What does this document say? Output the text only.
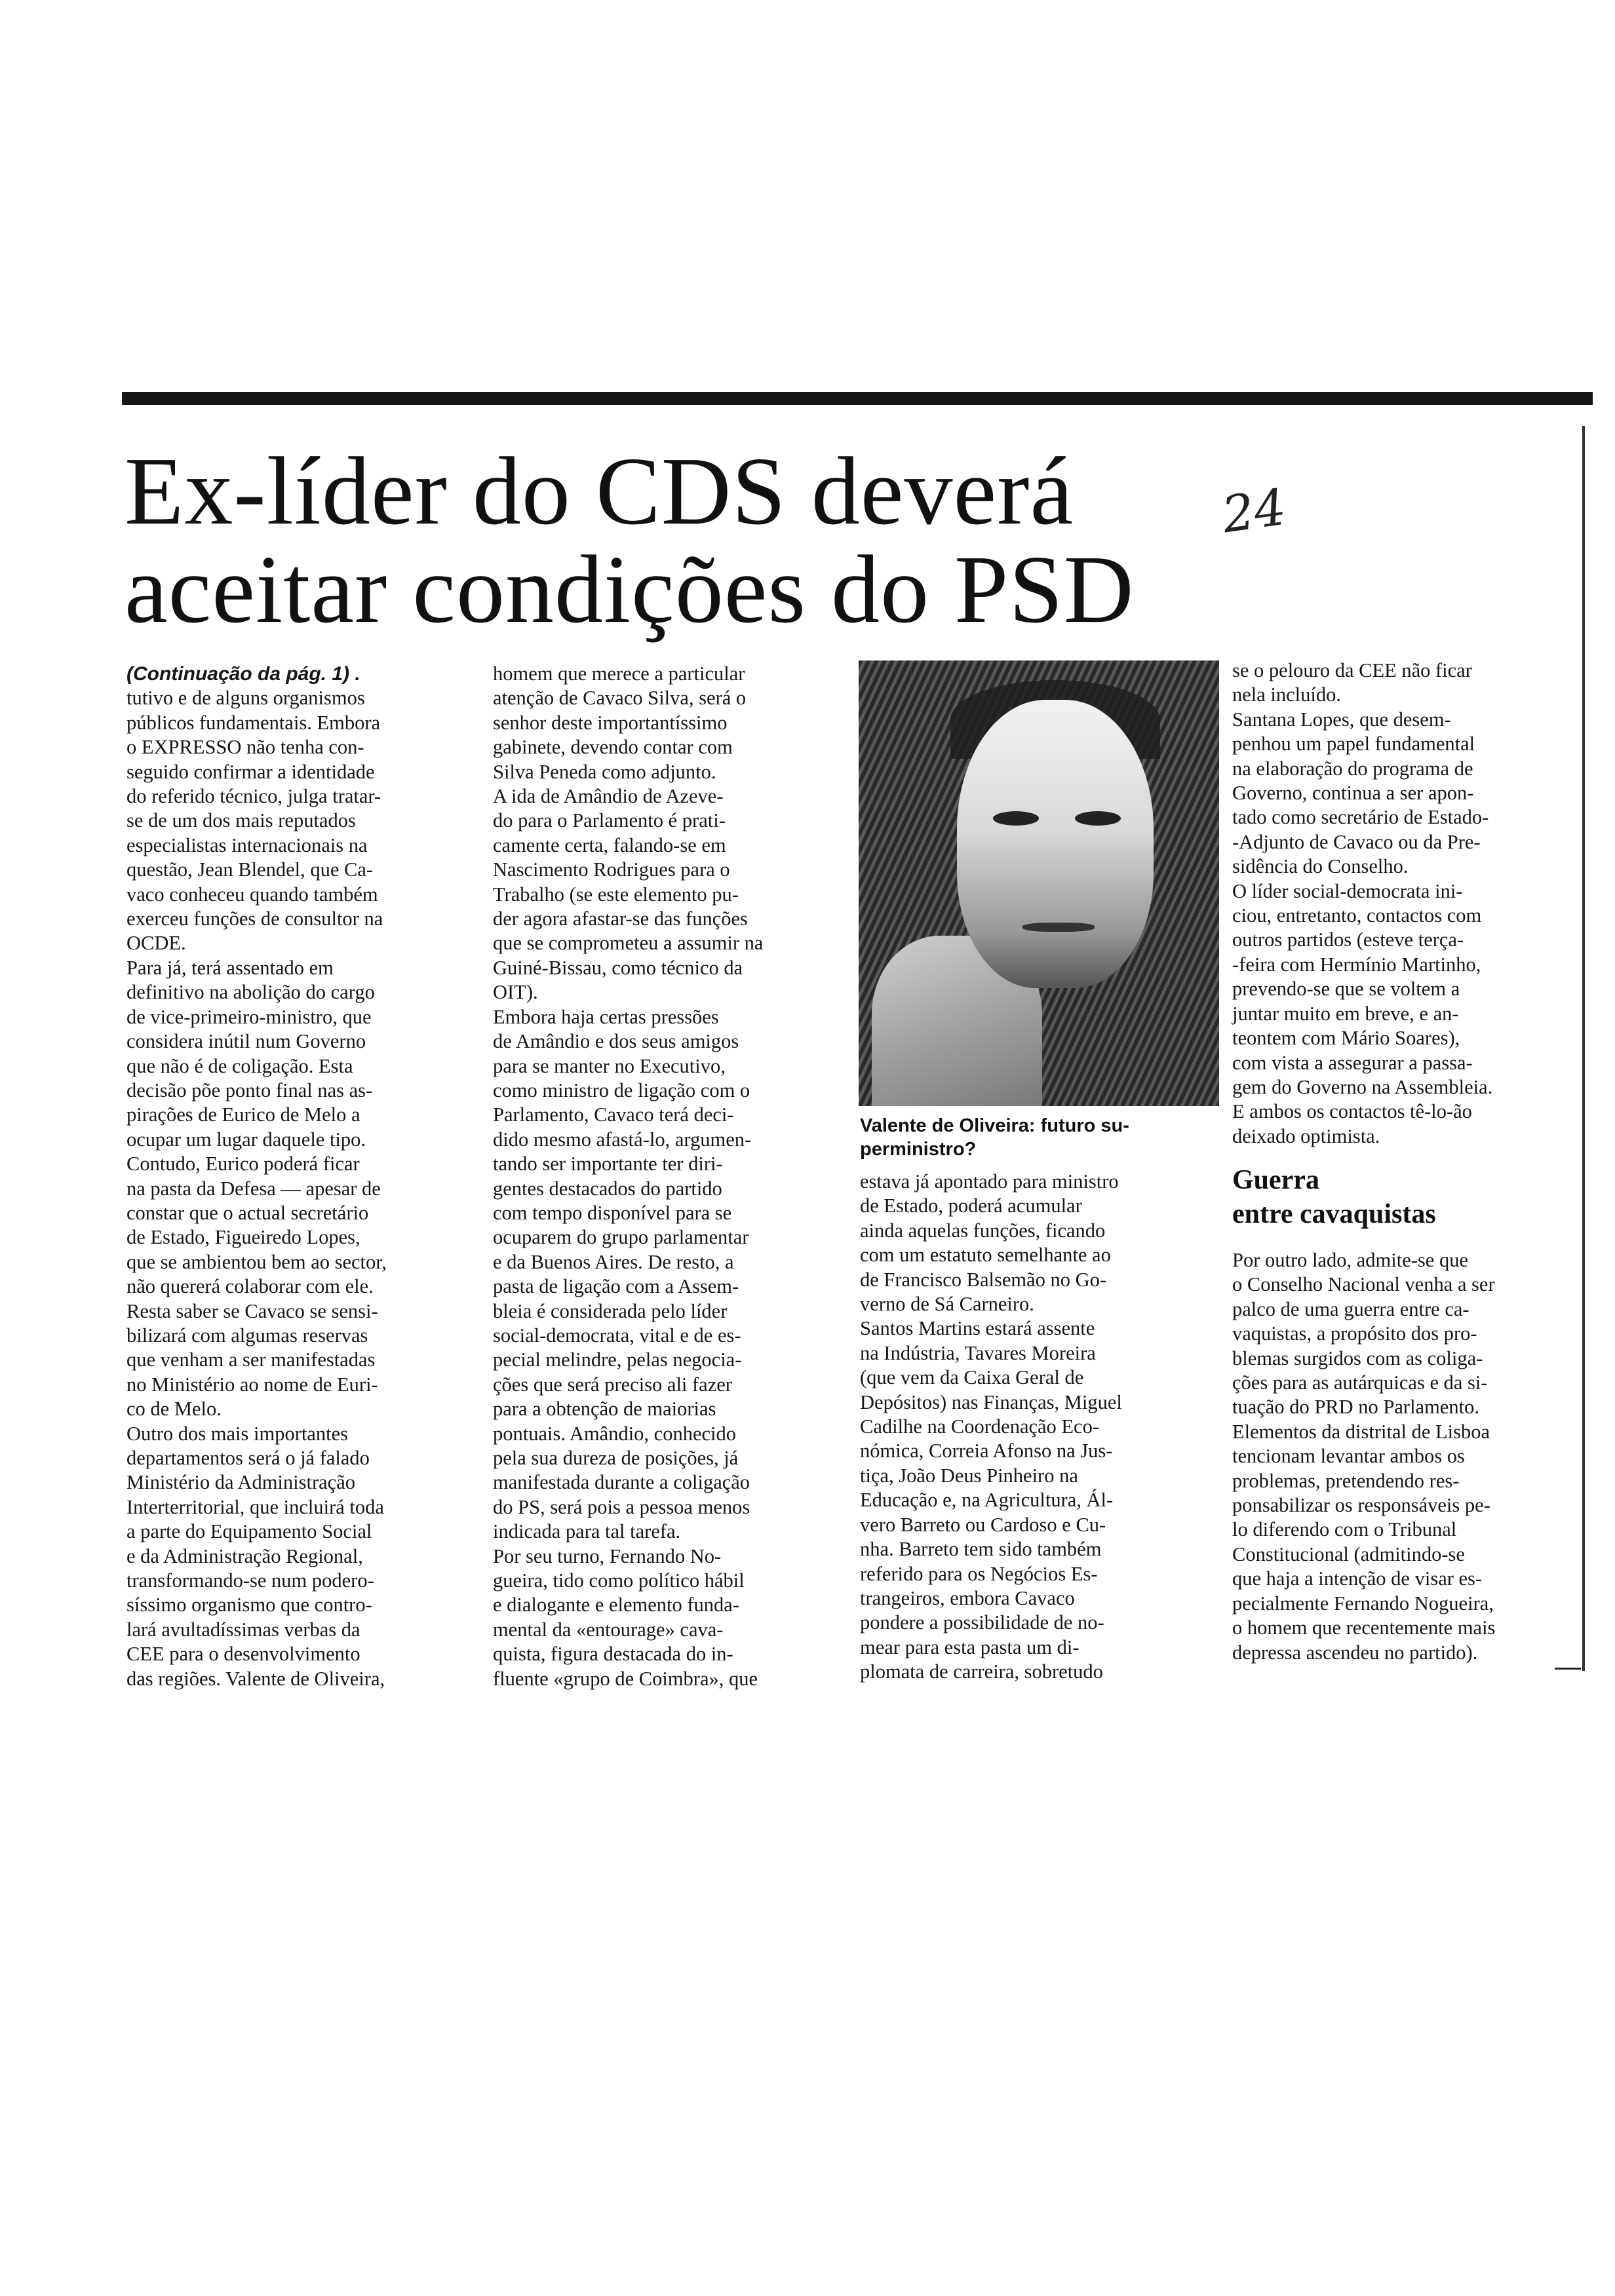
Ex-líder do CDS deverá
aceitar condições do PSD
24

(Continuação da pág. 1) .

tutivo e de alguns organismos

públicos fundamentais. Embora

o EXPRESSO não tenha con-

seguido confirmar a identidade

do referido técnico, julga tratar-

se de um dos mais reputados

especialistas internacionais na

questão, Jean Blendel, que Ca-

vaco conheceu quando também

exerceu funções de consultor na

OCDE.

Para já, terá assentado em

definitivo na abolição do cargo

de vice-primeiro-ministro, que

considera inútil num Governo

que não é de coligação. Esta

decisão põe ponto final nas as-

pirações de Eurico de Melo a

ocupar um lugar daquele tipo.

Contudo, Eurico poderá ficar

na pasta da Defesa — apesar de

constar que o actual secretário

de Estado, Figueiredo Lopes,

que se ambientou bem ao sector,

não quererá colaborar com ele.

Resta saber se Cavaco se sensi-

bilizará com algumas reservas

que venham a ser manifestadas

no Ministério ao nome de Euri-

co de Melo.

Outro dos mais importantes

departamentos será o já falado

Ministério da Administração

Interterritorial, que incluirá toda

a parte do Equipamento Social

e da Administração Regional,

transformando-se num podero-

síssimo organismo que contro-

lará avultadíssimas verbas da

CEE para o desenvolvimento

das regiões. Valente de Oliveira,

homem que merece a particular

atenção de Cavaco Silva, será o

senhor deste importantíssimo

gabinete, devendo contar com

Silva Peneda como adjunto.

A ida de Amândio de Azeve-

do para o Parlamento é prati-

camente certa, falando-se em

Nascimento Rodrigues para o

Trabalho (se este elemento pu-

der agora afastar-se das funções

que se comprometeu a assumir na

Guiné-Bissau, como técnico da

OIT).

Embora haja certas pressões

de Amândio e dos seus amigos

para se manter no Executivo,

como ministro de ligação com o

Parlamento, Cavaco terá deci-

dido mesmo afastá-lo, argumen-

tando ser importante ter diri-

gentes destacados do partido

com tempo disponível para se

ocuparem do grupo parlamentar

e da Buenos Aires. De resto, a

pasta de ligação com a Assem-

bleia é considerada pelo líder

social-democrata, vital e de es-

pecial melindre, pelas negocia-

ções que será preciso ali fazer

para a obtenção de maiorias

pontuais. Amândio, conhecido

pela sua dureza de posições, já

manifestada durante a coligação

do PS, será pois a pessoa menos

indicada para tal tarefa.

Por seu turno, Fernando No-

gueira, tido como político hábil

e dialogante e elemento funda-

mental da «entourage» cava-

quista, figura destacada do in-

fluente «grupo de Coimbra», que

Valente de Oliveira: futuro su-

perministro?

estava já apontado para ministro

de Estado, poderá acumular

ainda aquelas funções, ficando

com um estatuto semelhante ao

de Francisco Balsemão no Go-

verno de Sá Carneiro.

Santos Martins estará assente

na Indústria, Tavares Moreira

(que vem da Caixa Geral de

Depósitos) nas Finanças, Miguel

Cadilhe na Coordenação Eco-

nómica, Correia Afonso na Jus-

tiça, João Deus Pinheiro na

Educação e, na Agricultura, Ál-

vero Barreto ou Cardoso e Cu-

nha. Barreto tem sido também

referido para os Negócios Es-

trangeiros, embora Cavaco

pondere a possibilidade de no-

mear para esta pasta um di-

plomata de carreira, sobretudo

se o pelouro da CEE não ficar

nela incluído.

Santana Lopes, que desem-

penhou um papel fundamental

na elaboração do programa de

Governo, continua a ser apon-

tado como secretário de Estado-

-Adjunto de Cavaco ou da Pre-

sidência do Conselho.

O líder social-democrata ini-

ciou, entretanto, contactos com

outros partidos (esteve terça-

-feira com Hermínio Martinho,

prevendo-se que se voltem a

juntar muito em breve, e an-

teontem com Mário Soares),

com vista a assegurar a passa-

gem do Governo na Assembleia.

E ambos os contactos tê-lo-ão

deixado optimista.

Guerra

entre cavaquistas

Por outro lado, admite-se que

o Conselho Nacional venha a ser

palco de uma guerra entre ca-

vaquistas, a propósito dos pro-

blemas surgidos com as coliga-

ções para as autárquicas e da si-

tuação do PRD no Parlamento.

Elementos da distrital de Lisboa

tencionam levantar ambos os

problemas, pretendendo res-

ponsabilizar os responsáveis pe-

lo diferendo com o Tribunal

Constitucional (admitindo-se

que haja a intenção de visar es-

pecialmente Fernando Nogueira,

o homem que recentemente mais

depressa ascendeu no partido).
